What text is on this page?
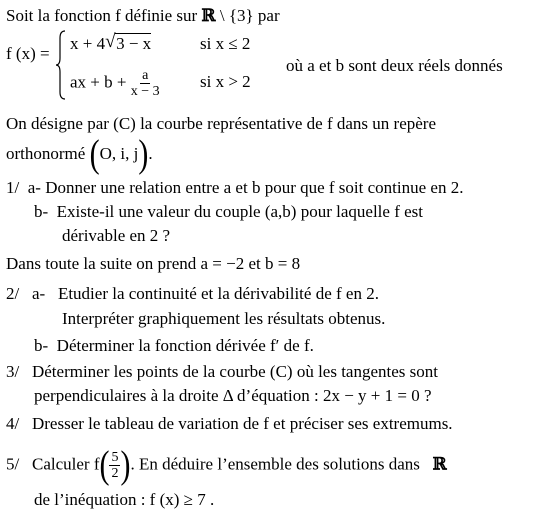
Soit la fonction f définie sur ℝ \ {3} par
f (x) =
x + 4√ 3 − x	si x ≤ 2
ax + $b + \frac{a}{x - 3}$ si x > 2
où a et b sont deux réels donnés
On désigne par (C) la courbe représentative de f dans un repère
orthonormé (O, i, j).
1/ a- Donner une relation entre a et b pour que f soit continue en 2.
b- Existe-il une valeur du couple (a,b) pour laquelle f est
dérivable en 2 ?
Dans toute la suite on prend a = −2 et b = 8
2/ a- Etudier la continuité et la dérivabilité de f en 2.
Interpréter graphiquement les résultats obtenus.
b- Déterminer la fonction dérivée f′ de f.
3/ Déterminer les points de la courbe (C) où les tangentes sont
perpendiculaires à la droite Δ d’équation : 2x − y + 1 = 0 ?
4/ Dresser le tableau de variation de f et préciser ses extremums.
5/ Calculer $f( \frac{5}{2}$ ). En déduire l’ensemble des solutions dans ℝ
de l’inéquation : f (x) ≥ 7 .
